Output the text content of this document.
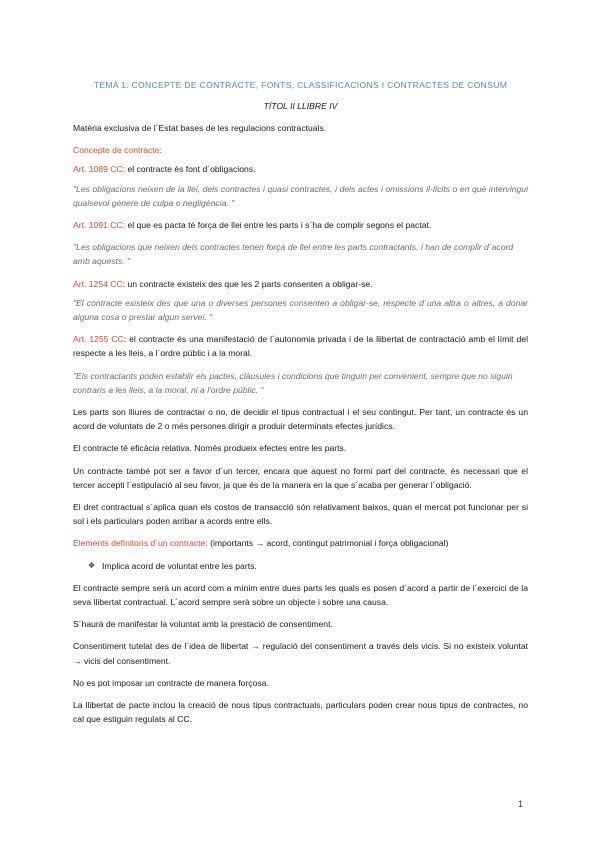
TEMA 1: CONCEPTE DE CONTRACTE, FONTS, CLASSIFICACIONS I CONTRACTES DE CONSUM
TÍTOL II LLIBRE IV

Matèria exclusiva de l´Estat bases de les regulacions contractuals.

Concepte de contracte:

Art. 1089 CC: el contracte és font d´obligacions.

"Les obligacions neixen de la llei, dels contractes i quasi contractes, i dels actes i omissions il·lícits o en què intervingui qualsevol gènere de culpa o negligència. "

Art. 1091 CC: el que es pacta té força de llei entre les parts i s´ha de complir segons el pactat.

"Les obligacions que neixen dels contractes tenen força de llei entre les parts contractants, i han de complir d´acord amb aquests. "

Art. 1254 CC: un contracte existeix des que les 2 parts consenten a obligar-se.

"El contracte existeix des que una o diverses persones consenten a obligar-se, respecte d´una altra o altres, a donar alguna cosa o prestar algun servei. "

Art. 1255 CC: el contracte és una manifestació de l´autonomia privada i de la llibertat de contractació amb el límit del respecte a les lleis, a l´ordre públic i a la moral.

"Els contractants poden establir els pactes, clàusules i condicions que tinguin per convenient, sempre que no siguin contraris a les lleis, a la moral, ni a l'ordre públic. "

Les parts son lliures de contractar o no, de decidir el tipus contractual i el seu contingut. Per tant, un contracte és un acord de voluntats de 2 o més persones dirigir a produir determinats efectes jurídics.

El contracte té eficàcia relativa. Només produeix efectes entre les parts.

Un contracte també pot ser a favor d´un tercer, encara que aquest no formi part del contracte, és necessari que el tercer accepti l´estipulació al seu favor, ja que és de la manera en la que s´acaba per generar l´obligació.

El dret contractual s´aplica quan els costos de transacció són relativament baixos, quan el mercat pot funcionar per si sol i els particulars poden arribar a acords entre ells.

Elements definitoris d´un contracte: (importants → acord, contingut patrimonial i força obligacional)

❖ Implica acord de voluntat entre les parts.

El contracte sempre serà un acord com a mínim entre dues parts les quals es posen d´acord a partir de l´exercici de la seva llibertat contractual. L´acord sempre serà sobre un objecte i sobre una causa.

S´haurà de manifestar la voluntat amb la prestació de consentiment.

Consentiment tutelat des de l´idea de llibertat → regulació del consentiment a través dels vicis. Si no existeix voluntat → vicis del consentiment.

No es pot imposar un contracte de manera forçosa.

La llibertat de pacte inclou la creació de nous tipus contractuals, particulars poden crear nous tipus de contractes, no cal que estiguin regulats al CC.

1
